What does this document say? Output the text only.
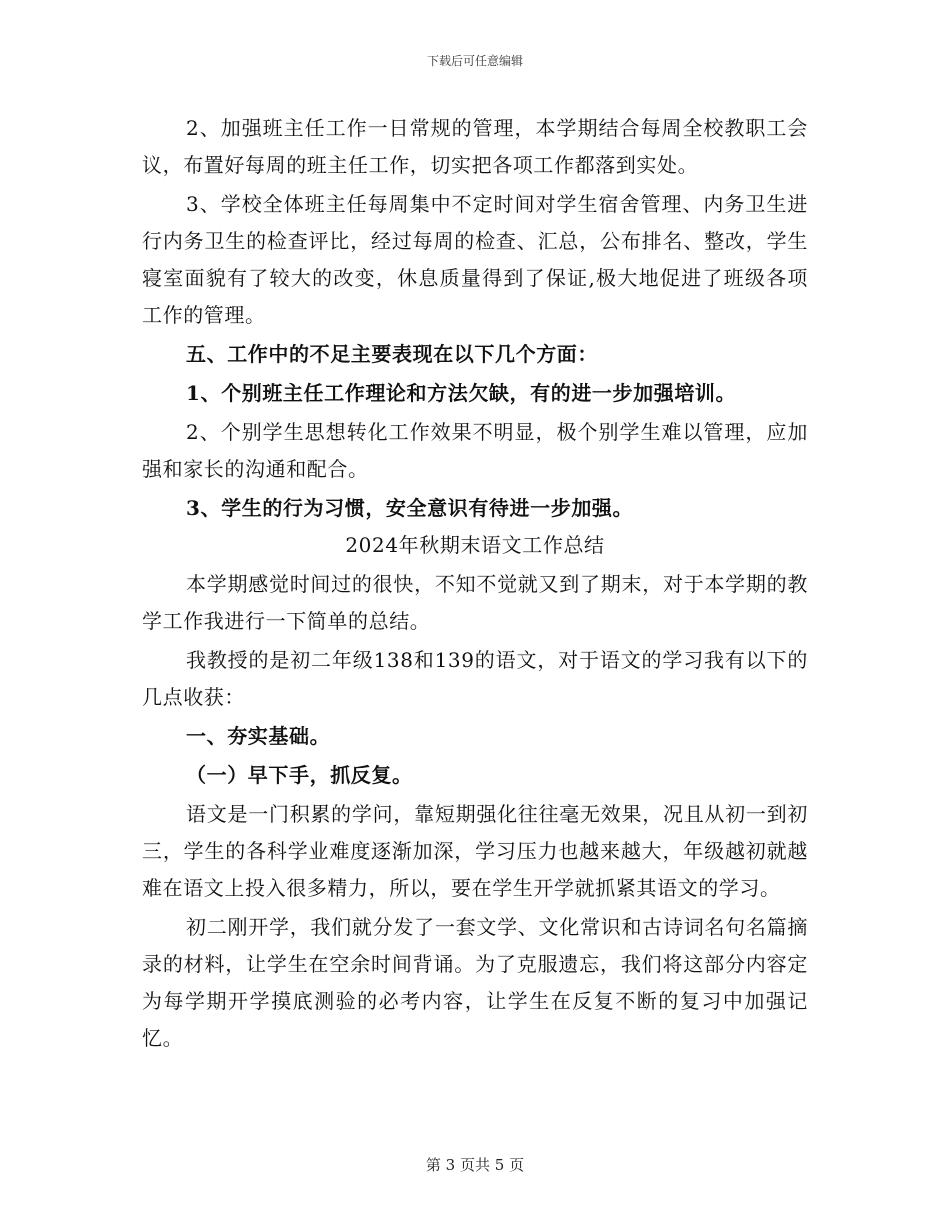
下载后可任意编辑

2、加强班主任工作一日常规的管理，本学期结合每周全校教职工会议，布置好每周的班主任工作，切实把各项工作都落到实处。

3、学校全体班主任每周集中不定时间对学生宿舍管理、内务卫生进行内务卫生的检查评比，经过每周的检查、汇总，公布排名、整改，学生寝室面貌有了较大的改变，休息质量得到了保证,极大地促进了班级各项工作的管理。

五、工作中的不足主要表现在以下几个方面：

1、个别班主任工作理论和方法欠缺，有的进一步加强培训。

2、个别学生思想转化工作效果不明显，极个别学生难以管理，应加强和家长的沟通和配合。

3、学生的行为习惯，安全意识有待进一步加强。

2024年秋期末语文工作总结

本学期感觉时间过的很快，不知不觉就又到了期末，对于本学期的教学工作我进行一下简单的总结。

我教授的是初二年级138和139的语文，对于语文的学习我有以下的几点收获：

一、夯实基础。

（一）早下手，抓反复。

语文是一门积累的学问，靠短期强化往往毫无效果，况且从初一到初三，学生的各科学业难度逐渐加深，学习压力也越来越大，年级越初就越难在语文上投入很多精力，所以，要在学生开学就抓紧其语文的学习。

初二刚开学，我们就分发了一套文学、文化常识和古诗词名句名篇摘录的材料，让学生在空余时间背诵。为了克服遗忘，我们将这部分内容定为每学期开学摸底测验的必考内容，让学生在反复不断的复习中加强记忆。

第 3 页共 5 页
